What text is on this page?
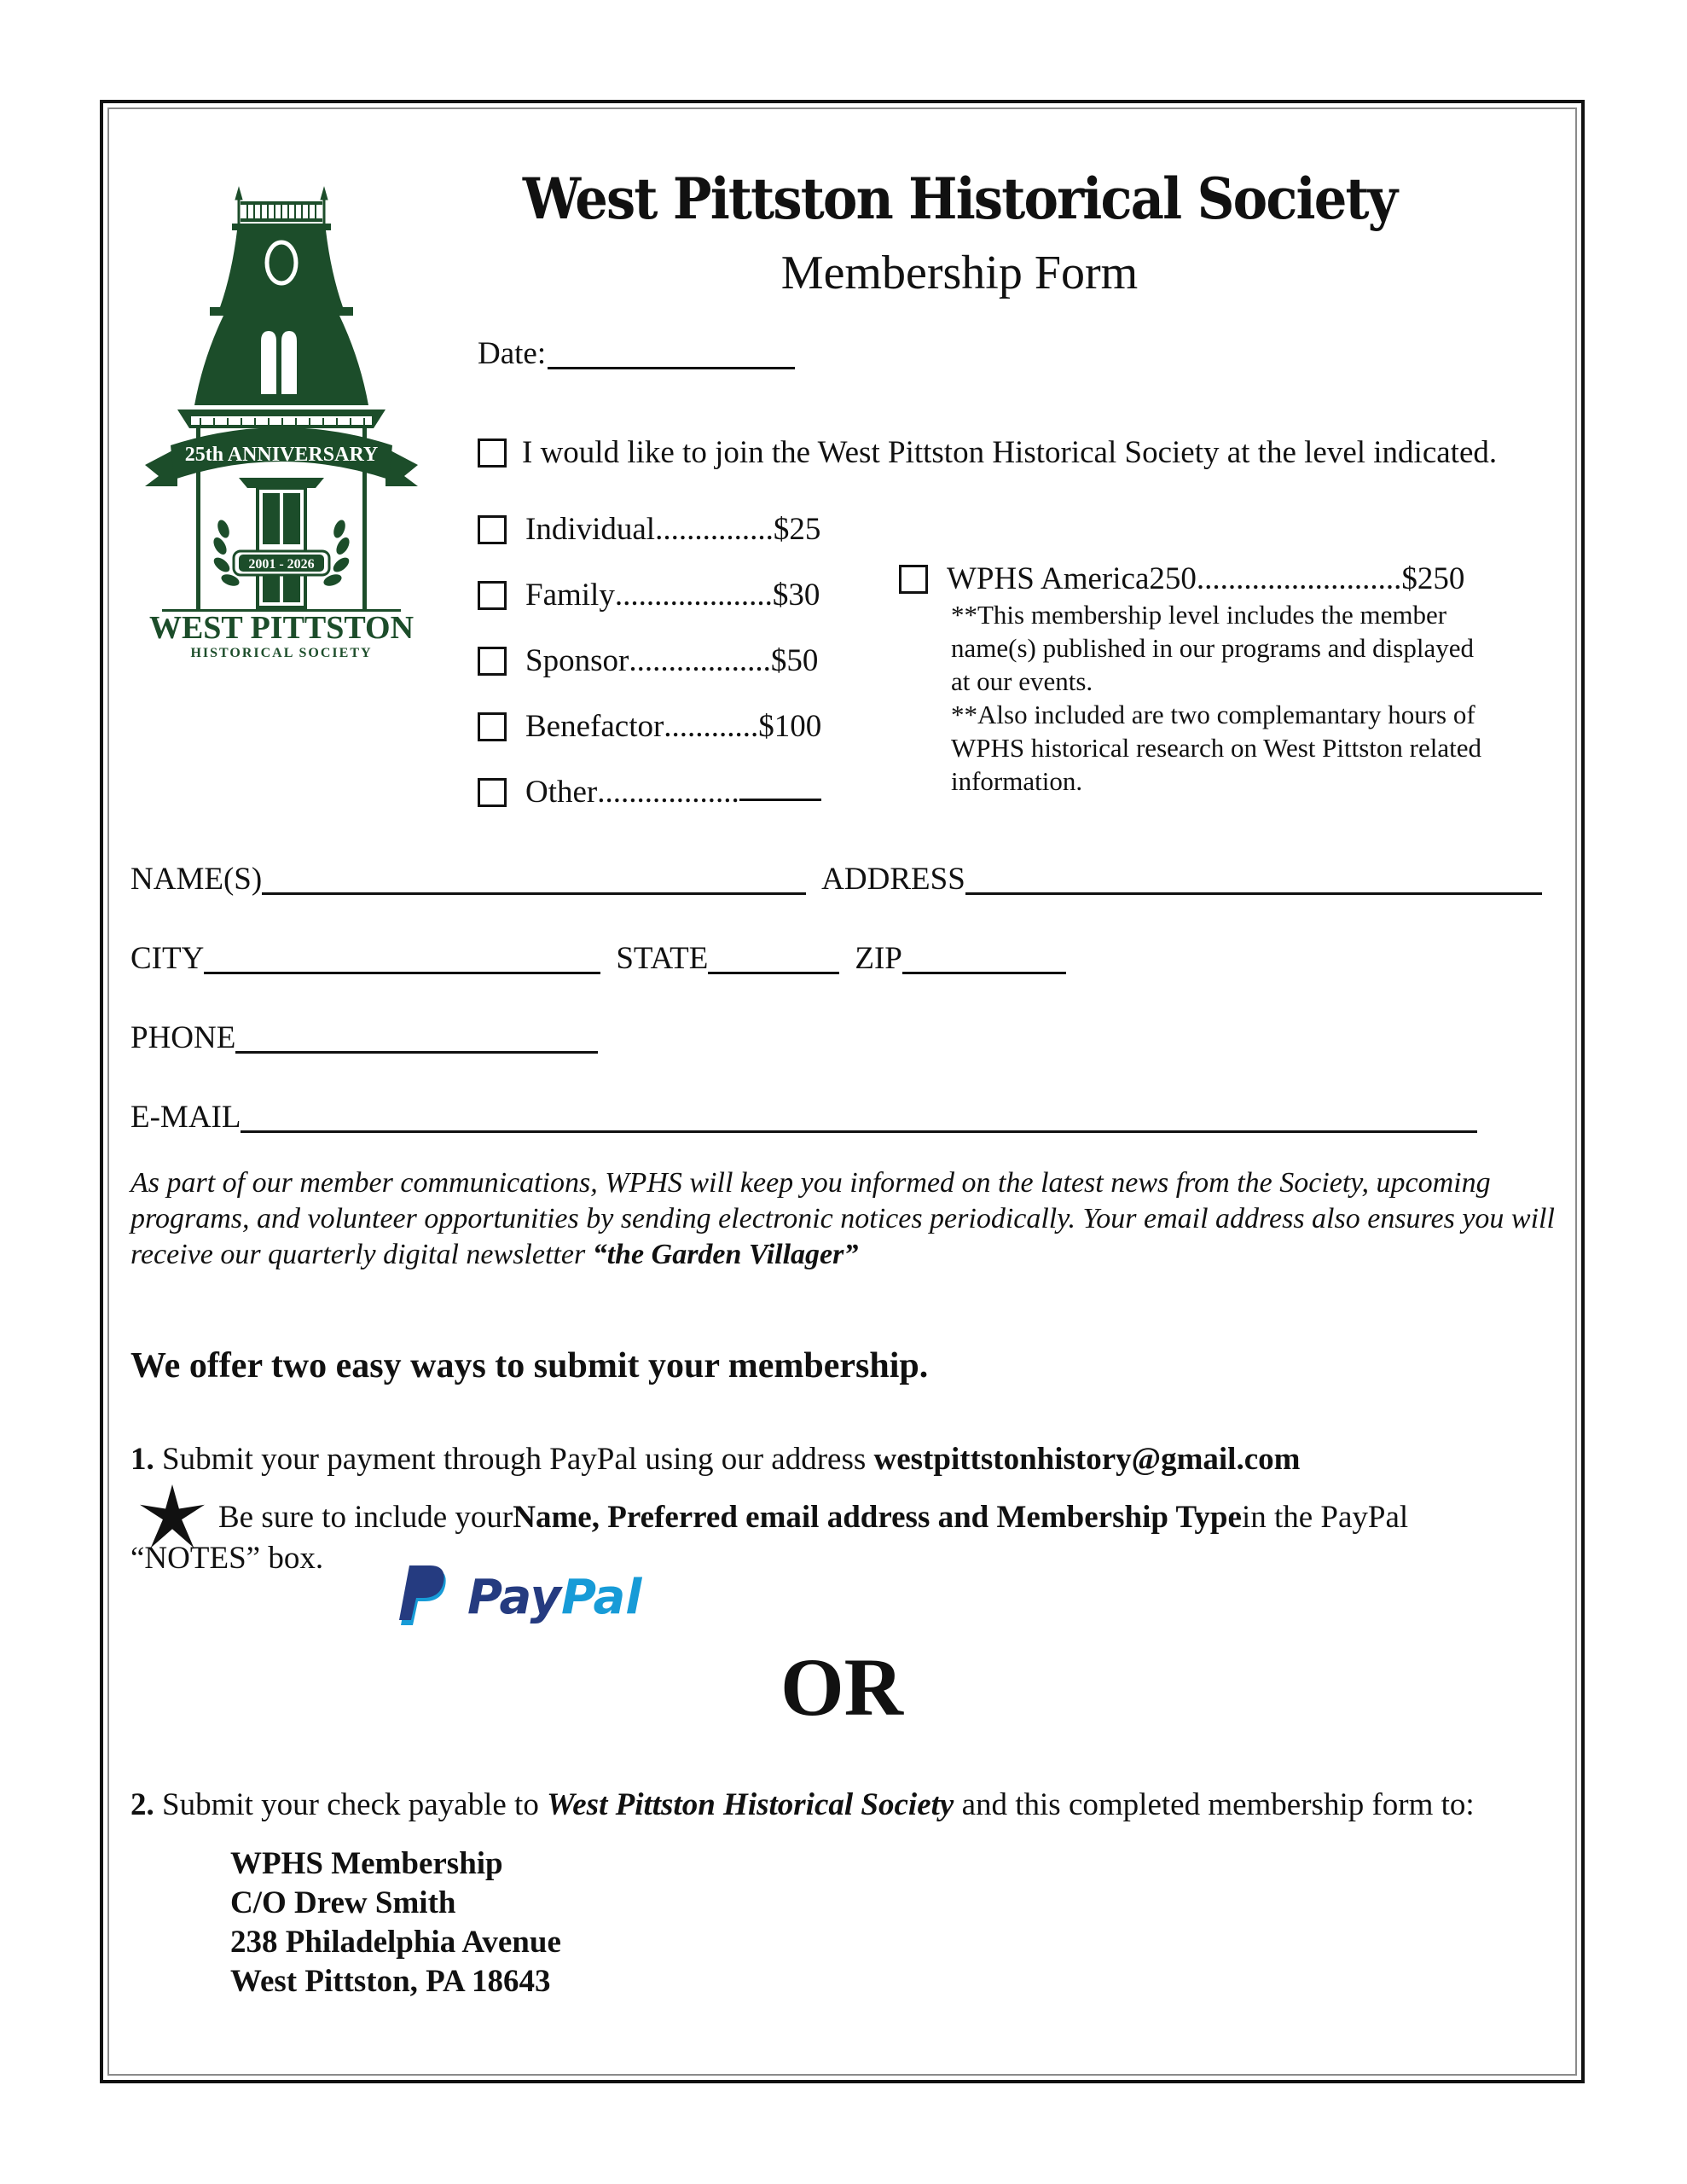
25th ANNIVERSARY
2001 - 2026
WEST PITTSTON
HISTORICAL SOCIETY
West Pittston Historical Society
Membership Form
Date:
I would like to join the West Pittston Historical Society at the level indicated.
Individual ............... $25
Family .................... $30
Sponsor .................. $50
Benefactor ............ $100
Other ..................
WPHS America250 .......................... $250
**This membership level includes the member
name(s) published in our programs and displayed
at our events.
**Also included are two complemantary hours of
WPHS historical research on West Pittston related
information.
NAME(S)	ADDRESS
CITY	STATE	ZIP
PHONE
E-MAIL
As part of our member communications, WPHS will keep you informed on the latest news from the Society, upcoming programs, and volunteer opportunities by sending electronic notices periodically. Your email address also ensures you will receive our quarterly digital newsletter “the Garden Villager”
We offer two easy ways to submit your membership.
1. Submit your payment through PayPal using our address westpittstonhistory@gmail.com
Be sure to include your Name, Preferred email address and Membership Type in the PayPal
“NOTES” box.
Pay Pal
OR
2. Submit your check payable to West Pittston Historical Society and this completed membership form to:
WPHS Membership
C/O Drew Smith
238 Philadelphia Avenue
West Pittston, PA 18643
